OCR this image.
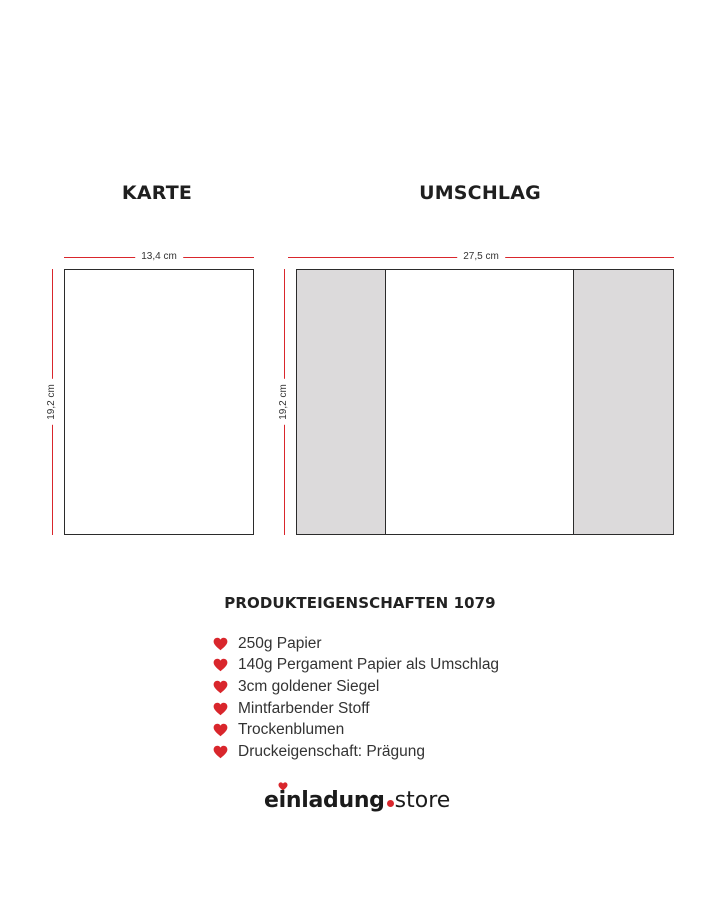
KARTE	UMSCHLAG
13,4 cm
19,2 cm
27,5 cm
19,2 cm
PRODUKTEIGENSCHAFTEN 1079
250g Papier
140g Pergament Papier als Umschlag
3cm goldener Siegel
Mintfarbender Stoff
Trockenblumen
Druckeigenschaft: Prägung
einladung store
